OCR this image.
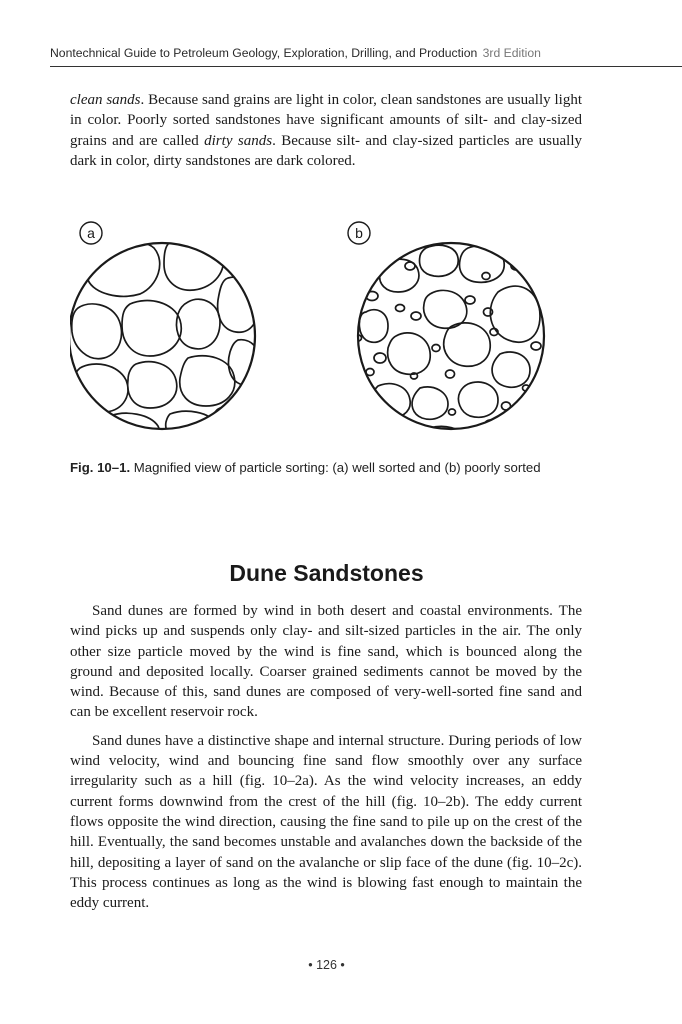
Nontechnical Guide to Petroleum Geology, Exploration, Drilling, and Production 3rd Edition

clean sands. Because sand grains are light in color, clean sandstones are usually light in color. Poorly sorted sandstones have significant amounts of silt- and clay-sized grains and are called dirty sands. Because silt- and clay-sized particles are usually dark in color, dirty sandstones are dark colored.

a	b
Fig. 10–1. Magnified view of particle sorting: (a) well sorted and (b) poorly sorted
Dune Sandstones

Sand dunes are formed by wind in both desert and coastal environments. The wind picks up and suspends only clay- and silt-sized particles in the air. The only other size particle moved by the wind is fine sand, which is bounced along the ground and deposited locally. Coarser grained sediments cannot be moved by the wind. Because of this, sand dunes are composed of very-well-sorted fine sand and can be excellent reservoir rock.

Sand dunes have a distinctive shape and internal structure. During periods of low wind velocity, wind and bouncing fine sand flow smoothly over any surface irregularity such as a hill (fig. 10–2a). As the wind velocity increases, an eddy current forms downwind from the crest of the hill (fig. 10–2b). The eddy current flows opposite the wind direction, causing the fine sand to pile up on the crest of the hill. Eventually, the sand becomes unstable and avalanches down the backside of the hill, depositing a layer of sand on the avalanche or slip face of the dune (fig. 10–2c). This process continues as long as the wind is blowing fast enough to maintain the eddy current.

• 126 •
